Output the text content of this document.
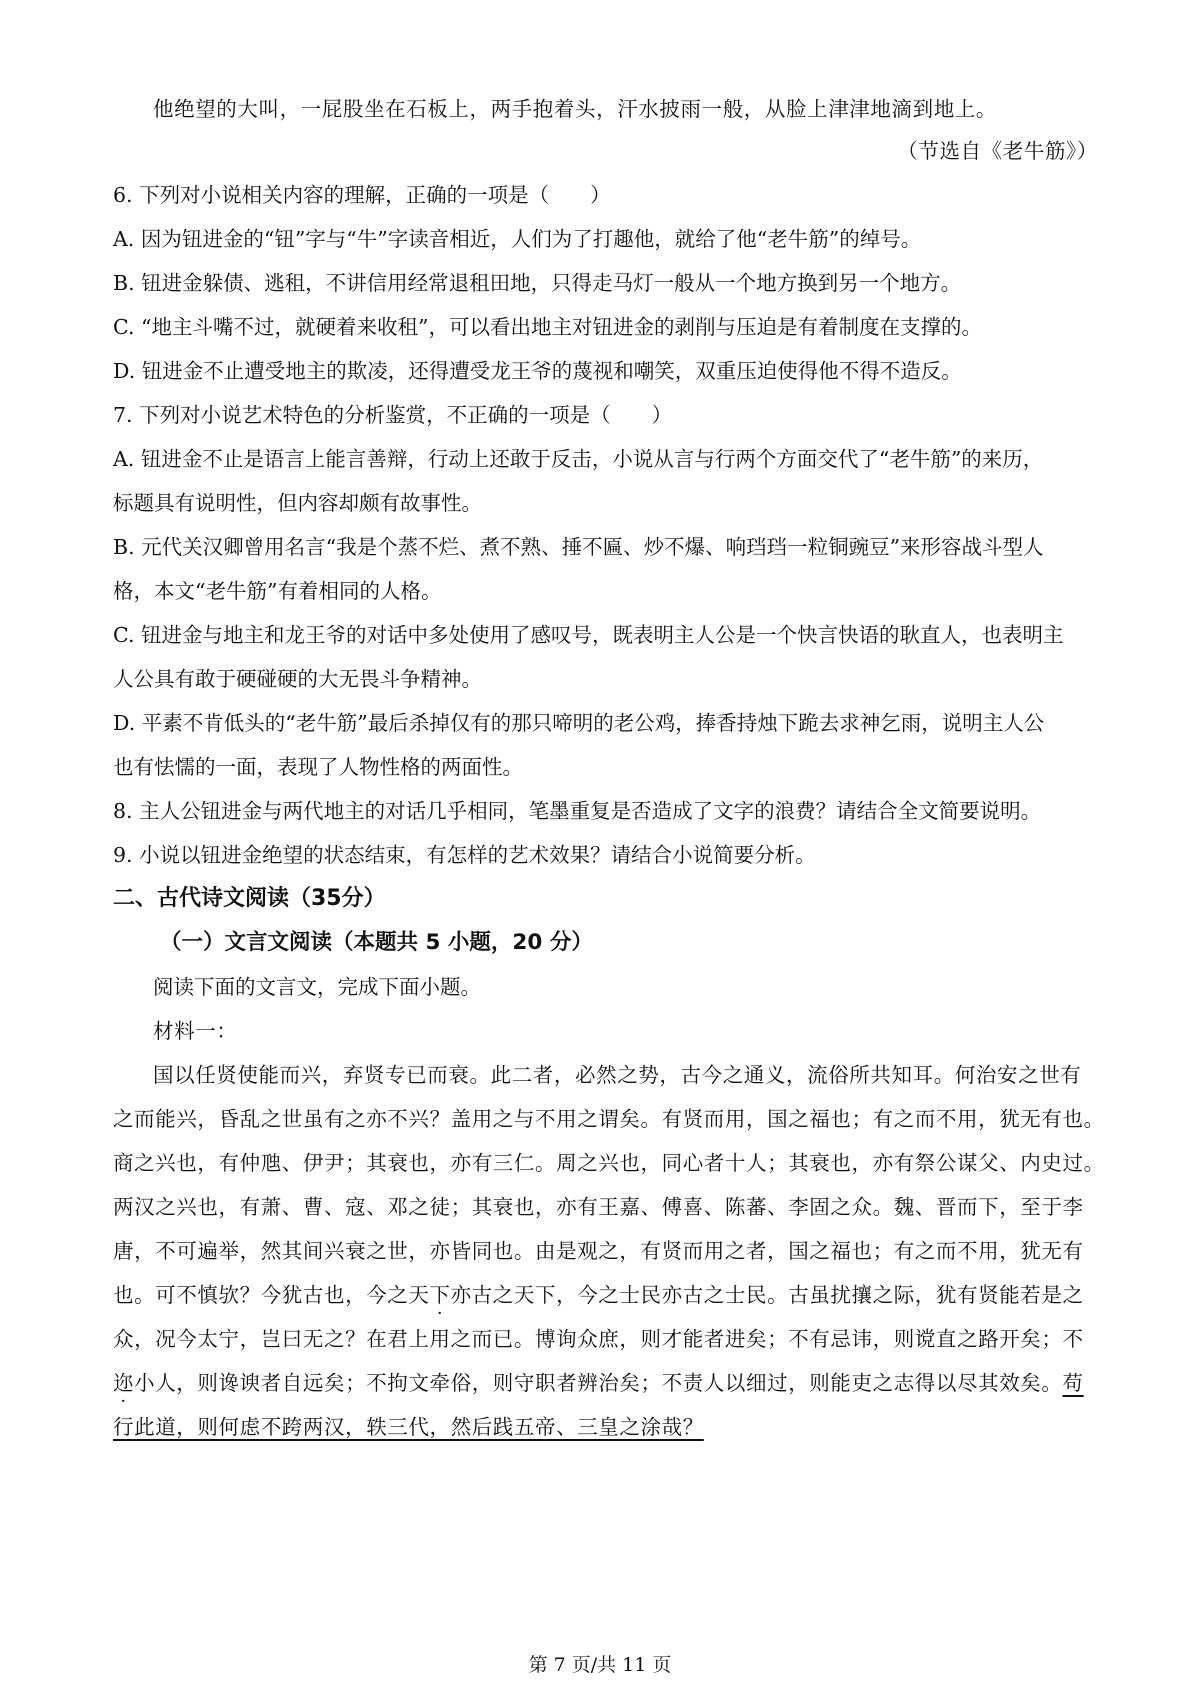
他绝望的大叫，一屁股坐在石板上，两手抱着头，汗水披雨一般，从脸上津津地滴到地上。
（节选自《老牛筋》）
6. 下列对小说相关内容的理解，正确的一项是（　　）
A. 因为钮进金的“钮”字与“牛”字读音相近，人们为了打趣他，就给了他“老牛筋”的绰号。
B. 钮进金躲债、逃租，不讲信用经常退租田地，只得走马灯一般从一个地方换到另一个地方。
C. “地主斗嘴不过，就硬着来收租”，可以看出地主对钮进金的剥削与压迫是有着制度在支撑的。
D. 钮进金不止遭受地主的欺凌，还得遭受龙王爷的蔑视和嘲笑，双重压迫使得他不得不造反。
7. 下列对小说艺术特色的分析鉴赏，不正确的一项是（　　）
A. 钮进金不止是语言上能言善辩，行动上还敢于反击，小说从言与行两个方面交代了“老牛筋”的来历，
标题具有说明性，但内容却颇有故事性。
B. 元代关汉卿曾用名言“我是个蒸不烂、煮不熟、捶不匾、炒不爆、响珰珰一粒铜豌豆”来形容战斗型人
格，本文“老牛筋”有着相同的人格。
C. 钮进金与地主和龙王爷的对话中多处使用了感叹号，既表明主人公是一个快言快语的耿直人，也表明主
人公具有敢于硬碰硬的大无畏斗争精神。
D. 平素不肯低头的“老牛筋”最后杀掉仅有的那只啼明的老公鸡，捧香持烛下跪去求神乞雨，说明主人公
也有怯懦的一面，表现了人物性格的两面性。
8. 主人公钮进金与两代地主的对话几乎相同，笔墨重复是否造成了文字的浪费？请结合全文简要说明。
9. 小说以钮进金绝望的状态结束，有怎样的艺术效果？请结合小说简要分析。
二、古代诗文阅读（35分）
（一）文言文阅读（本题共 5 小题，20 分）
阅读下面的文言文，完成下面小题。
材料一：
国以任贤使能而兴，弃贤专已而衰。此二者，必然之势，古今之通义，流俗所共知耳。何治安之世有
之而能兴，昏乱之世虽有之亦不兴？盖用之与不用之谓矣。有贤而用，国之福也；有之而不用，犹无有也。
商之兴也，有仲虺、伊尹；其衰也，亦有三仁。周之兴也，同心者十人；其衰也，亦有祭公谋父、内史过。
两汉之兴也，有萧、曹、寇、邓之徒；其衰也，亦有王嘉、傅喜、陈蕃、李固之众。魏、晋而下，至于李
唐，不可遍举，然其间兴衰之世，亦皆同也。由是观之，有贤而用之者，国之福也；有之而不用，犹无有
也。可不慎欤？今犹古也，今之天下亦古之天下，今之士民亦古之士民。古虽扰攘之际，犹有贤能若是之
众，况今太宁，岂曰无之？在君上用之而已。博询众庶，则才能者进矣；不有忌讳，则谠直之路开矣；不
迩小人，则谗谀者自远矣；不拘文牵俗，则守职者辨治矣；不责人以细过，则能吏之志得以尽其效矣。苟
行此道，则何虑不跨两汉，轶三代，然后践五帝、三皇之涂哉？
第 7 页/共 11 页
